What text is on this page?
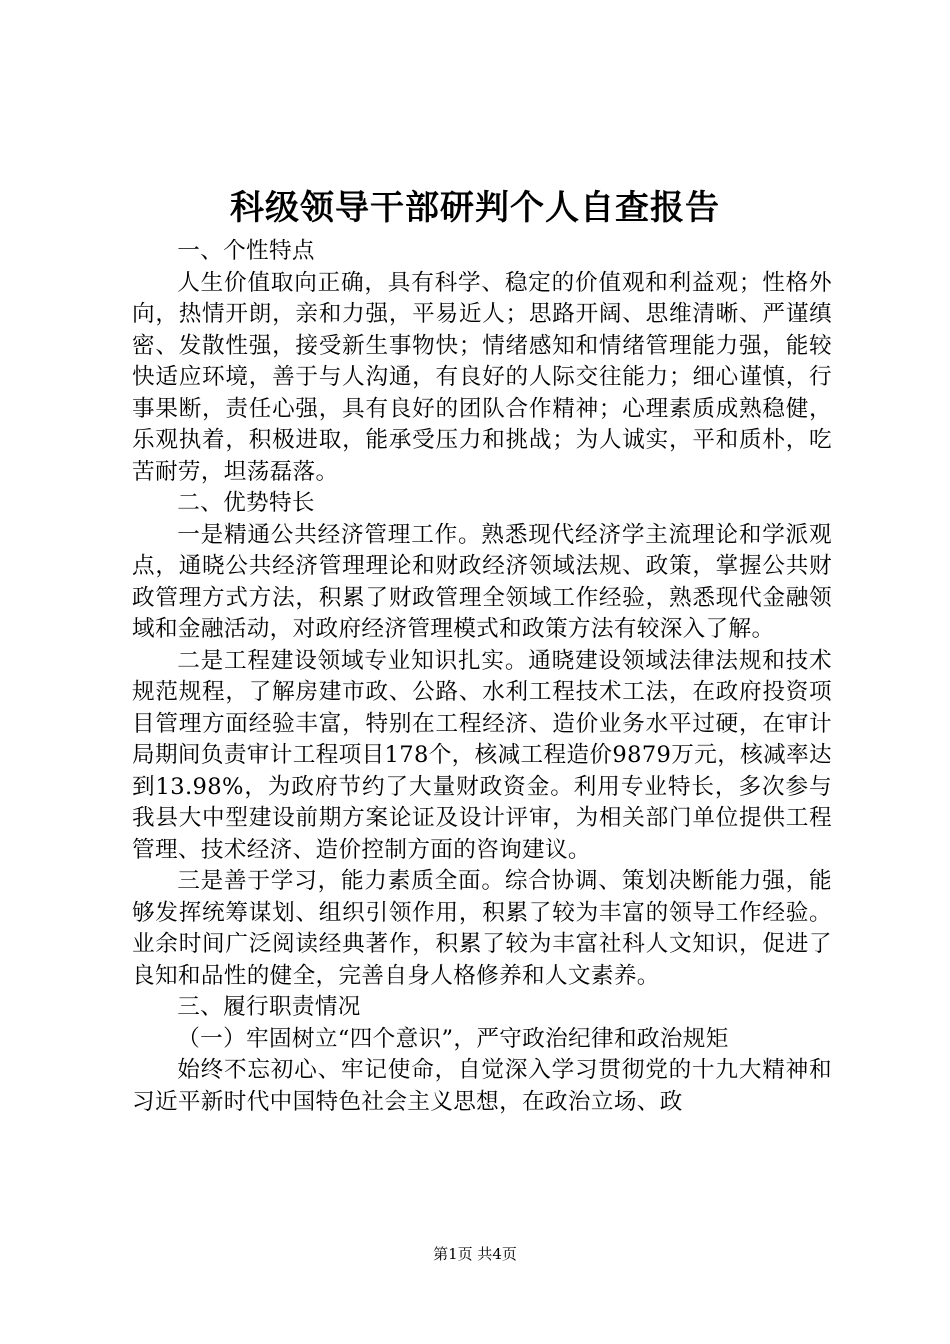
科级领导干部研判个人自查报告

一、个性特点

人生价值取向正确，具有科学、稳定的价值观和利益观；性格外向，热情开朗，亲和力强，平易近人；思路开阔、思维清晰、严谨缜密、发散性强，接受新生事物快；情绪感知和情绪管理能力强，能较快适应环境，善于与人沟通，有良好的人际交往能力；细心谨慎，行事果断，责任心强，具有良好的团队合作精神；心理素质成熟稳健，乐观执着，积极进取，能承受压力和挑战；为人诚实，平和质朴，吃苦耐劳，坦荡磊落。

二、优势特长

一是精通公共经济管理工作。熟悉现代经济学主流理论和学派观点，通晓公共经济管理理论和财政经济领域法规、政策，掌握公共财政管理方式方法，积累了财政管理全领域工作经验，熟悉现代金融领域和金融活动，对政府经济管理模式和政策方法有较深入了解。

二是工程建设领域专业知识扎实。通晓建设领域法律法规和技术规范规程，了解房建市政、公路、水利工程技术工法，在政府投资项目管理方面经验丰富，特别在工程经济、造价业务水平过硬，在审计局期间负责审计工程项目178个，核减工程造价9879万元，核减率达到13.98%，为政府节约了大量财政资金。利用专业特长，多次参与我县大中型建设前期方案论证及设计评审，为相关部门单位提供工程管理、技术经济、造价控制方面的咨询建议。

三是善于学习，能力素质全面。综合协调、策划决断能力强，能够发挥统筹谋划、组织引领作用，积累了较为丰富的领导工作经验。业余时间广泛阅读经典著作，积累了较为丰富社科人文知识，促进了良知和品性的健全，完善自身人格修养和人文素养。

三、履行职责情况

（一）牢固树立“四个意识”，严守政治纪律和政治规矩

始终不忘初心、牢记使命，自觉深入学习贯彻党的十九大精神和习近平新时代中国特色社会主义思想，在政治立场、政

第1页 共4页
